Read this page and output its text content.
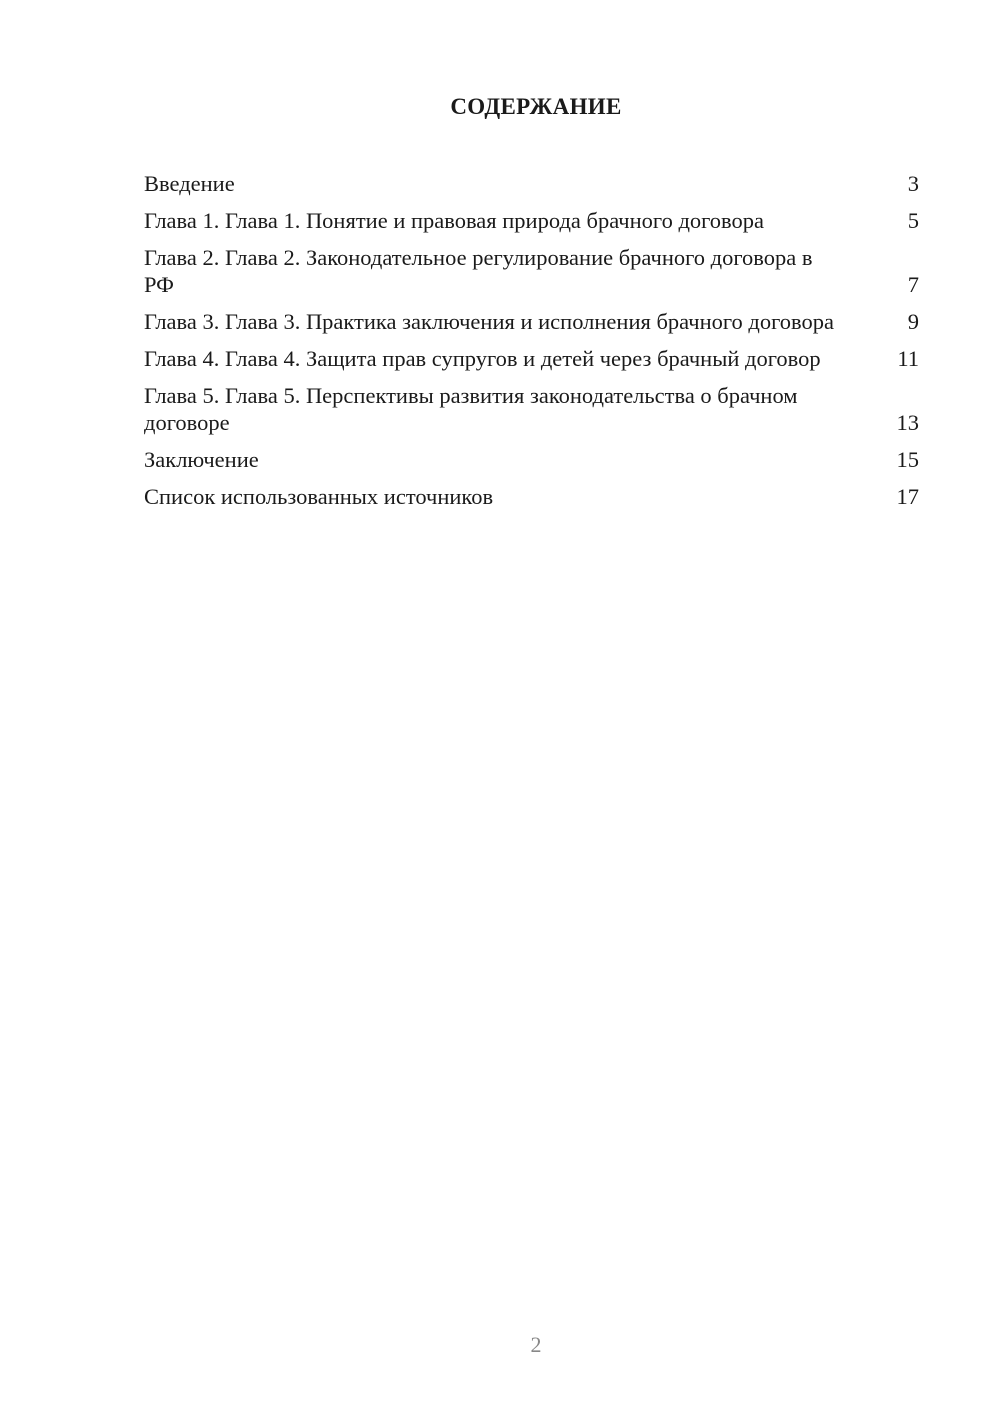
СОДЕРЖАНИЕ
Введение	3
Глава 1. Глава 1. Понятие и правовая природа брачного договора	5
Глава 2. Глава 2. Законодательное регулирование брачного договора в РФ	7
Глава 3. Глава 3. Практика заключения и исполнения брачного договора	9
Глава 4. Глава 4. Защита прав супругов и детей через брачный договор	11
Глава 5. Глава 5. Перспективы развития законодательства о брачном договоре	13
Заключение	15
Список использованных источников	17
2
